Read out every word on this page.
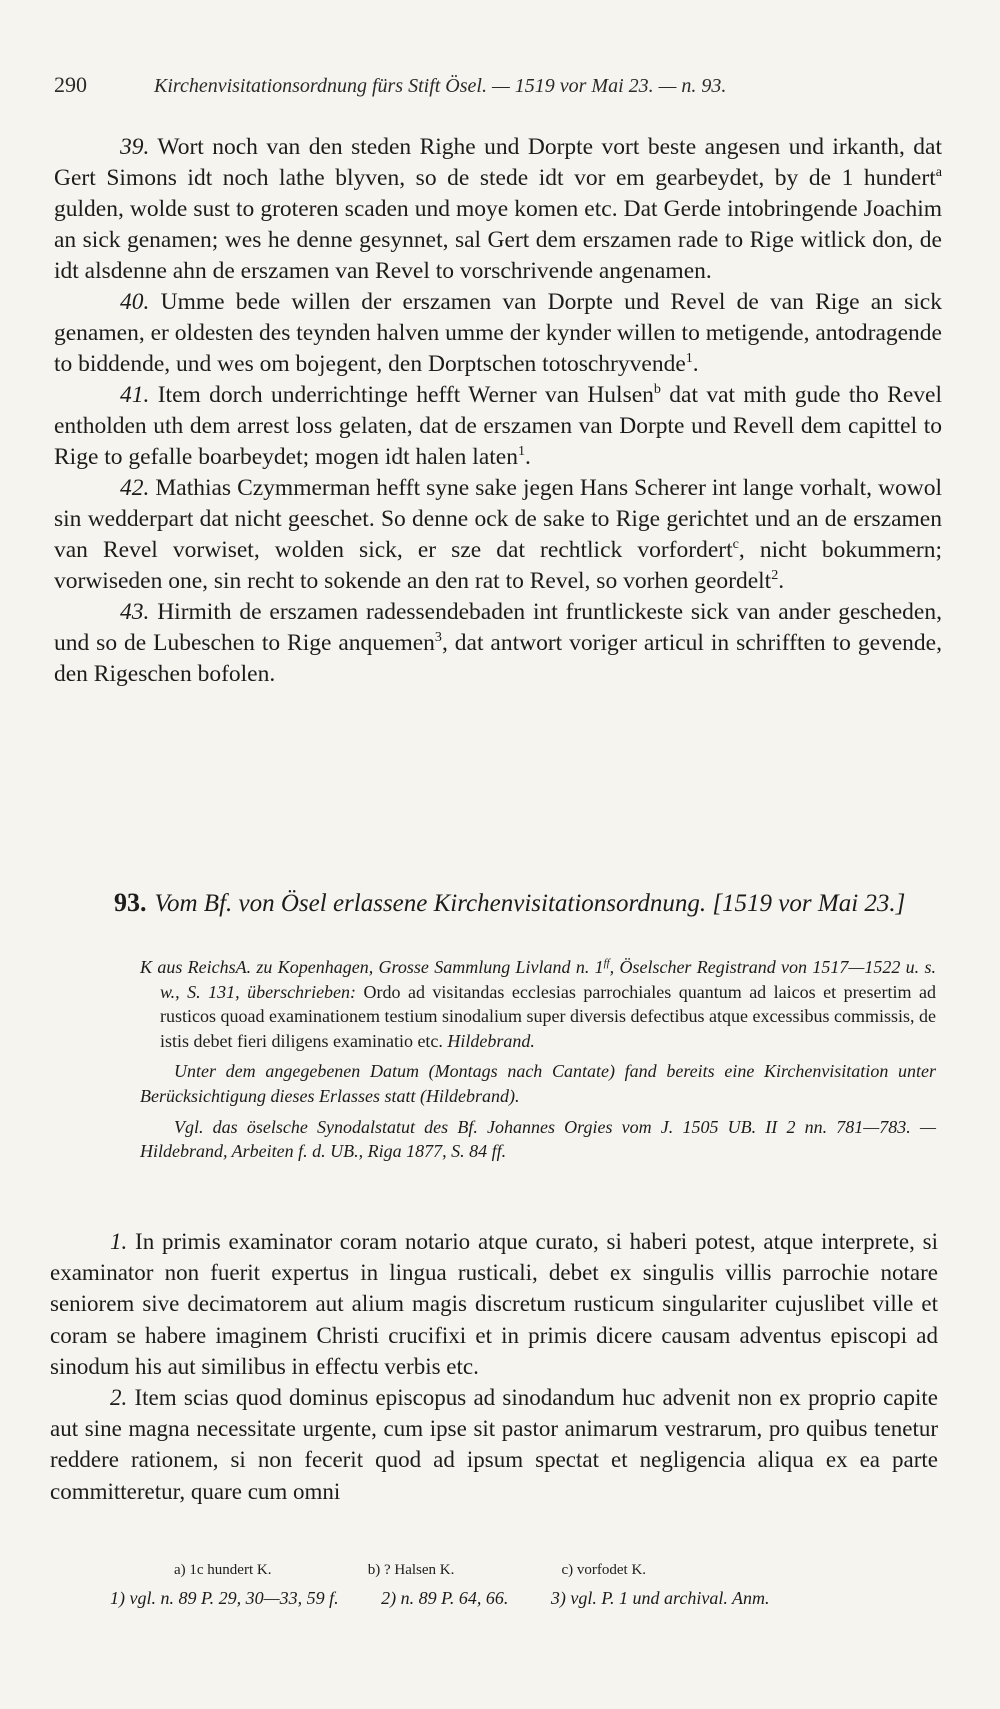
290	Kirchenvisitationsordnung fürs Stift Ösel. — 1519 vor Mai 23. — n. 93.

39. Wort noch van den steden Righe und Dorpte vort beste angesen und irkanth, dat Gert Simons idt noch lathe blyven, so de stede idt vor em gearbeydet, by de 1 hundert$^a$ gulden, wolde sust to groteren scaden und moye komen etc. Dat Gerde intobringende Joachim an sick genamen; wes he denne gesynnet, sal Gert dem erszamen rade to Rige witlick don, de idt alsdenne ahn de erszamen van Revel to vorschrivende angenamen.

40. Umme bede willen der erszamen van Dorpte und Revel de van Rige an sick genamen, er oldesten des teynden halven umme der kynder willen to metigende, antodragende to biddende, und wes om bojegent, den Dorptschen totoschryvende$^1$.

41. Item dorch underrichtinge hefft Werner van Hulsen$^b$ dat vat mith gude tho Revel entholden uth dem arrest loss gelaten, dat de erszamen van Dorpte und Revell dem capittel to Rige to gefalle boarbeydet; mogen idt halen laten$^1$.

42. Mathias Czymmerman hefft syne sake jegen Hans Scherer int lange vorhalt, wowol sin wedderpart dat nicht geeschet. So denne ock de sake to Rige gerichtet und an de erszamen van Revel vorwiset, wolden sick, er sze dat rechtlick vorfordert$^c$, nicht bokummern; vorwiseden one, sin recht to sokende an den rat to Revel, so vorhen geordelt$^2$.

43. Hirmith de erszamen radessendebaden int fruntlickeste sick van ander gescheden, und so de Lubeschen to Rige anquemen$^3$, dat antwort voriger articul in schrifften to gevende, den Rigeschen bofolen.

93. Vom Bf. von Ösel erlassene Kirchenvisitationsordnung. [1519 vor Mai 23.]

K aus ReichsA. zu Kopenhagen, Grosse Sammlung Livland n. $1^{ff}$, Öselscher Registrand von 1517—1522 u. s. w., S. 131, überschrieben: Ordo ad visitandas ecclesias parrochiales quantum ad laicos et presertim ad rusticos quoad examinationem testium sinodalium super diversis defectibus atque excessibus commissis, de istis debet fieri diligens examinatio etc. Hildebrand.

Unter dem angegebenen Datum (Montags nach Cantate) fand bereits eine Kirchenvisitation unter Berücksichtigung dieses Erlasses statt (Hildebrand).

Vgl. das öselsche Synodalstatut des Bf. Johannes Orgies vom J. 1505 UB. II 2 nn. 781—783. — Hildebrand, Arbeiten f. d. UB., Riga 1877, S. 84 ff.

1. In primis examinator coram notario atque curato, si haberi potest, atque interprete, si examinator non fuerit expertus in lingua rusticali, debet ex singulis villis parrochie notare seniorem sive decimatorem aut alium magis discretum rusticum singulariter cujuslibet ville et coram se habere imaginem Christi crucifixi et in primis dicere causam adventus episcopi ad sinodum his aut similibus in effectu verbis etc.

2. Item scias quod dominus episcopus ad sinodandum huc advenit non ex proprio capite aut sine magna necessitate urgente, cum ipse sit pastor animarum vestrarum, pro quibus tenetur reddere rationem, si non fecerit quod ad ipsum spectat et negligencia aliqua ex ea parte committeretur, quare cum omni

a) 1c hundert K.	b) ? Halsen K.	c) vorfodet K.
1) vgl. n. 89 P. 29, 30—33, 59 f. 2) n. 89 P. 64, 66. 3) vgl. P. 1 und archival. Anm.
